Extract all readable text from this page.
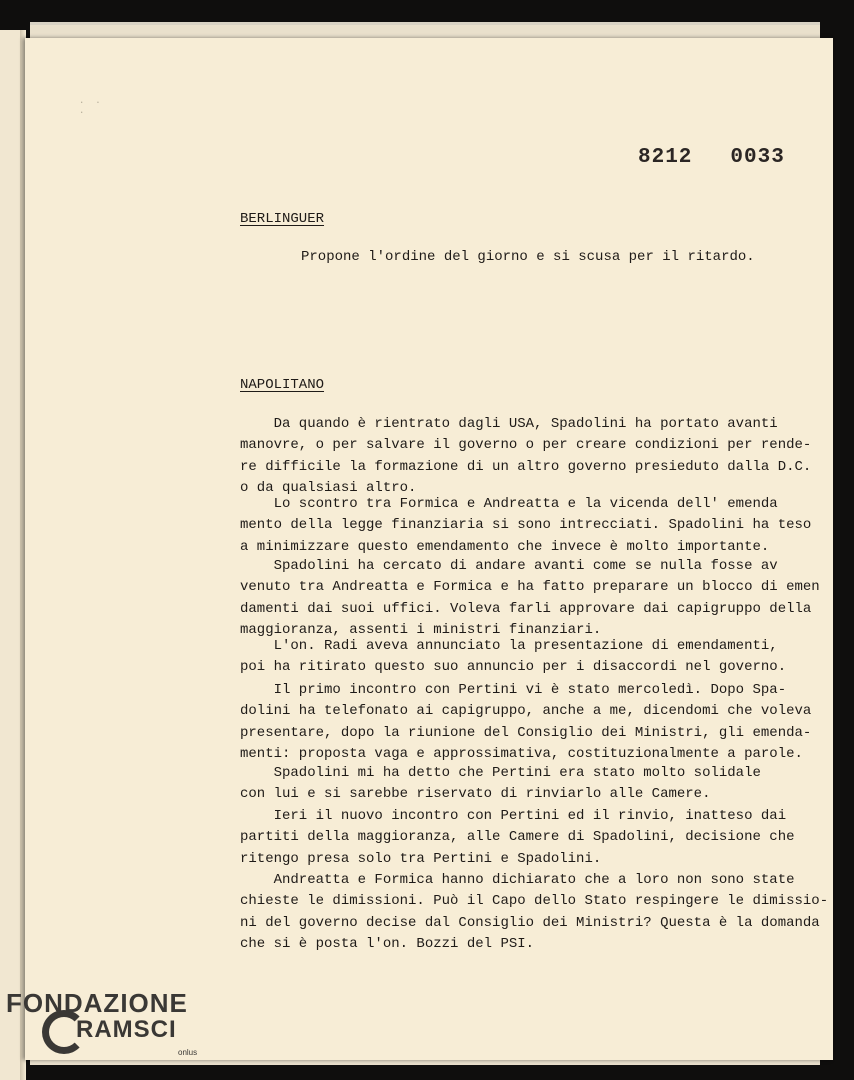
·  ·
·

8212 0033
BERLINGUER
Propone l'ordine del giorno e si scusa per il ritardo.
NAPOLITANO
Da quando è rientrato dagli USA, Spadolini ha portato avanti
manovre, o per salvare il governo o per creare condizioni per rende-
re difficile la formazione di un altro governo presieduto dalla D.C.
o da qualsiasi altro.
Lo scontro tra Formica e Andreatta e la vicenda dell' emenda
mento della legge finanziaria si sono intrecciati. Spadolini ha teso
a minimizzare questo emendamento che invece è molto importante.
Spadolini ha cercato di andare avanti come se nulla fosse av
venuto tra Andreatta e Formica e ha fatto preparare un blocco di emen
damenti dai suoi uffici. Voleva farli approvare dai capigruppo della
maggioranza, assenti i ministri finanziari.
L'on. Radi aveva annunciato la presentazione di emendamenti,
poi ha ritirato questo suo annuncio per i disaccordi nel governo.
Il primo incontro con Pertini vi è stato mercoledì. Dopo Spa-
dolini ha telefonato ai capigruppo, anche a me, dicendomi che voleva
presentare, dopo la riunione del Consiglio dei Ministri, gli emenda-
menti: proposta vaga e approssimativa, costituzionalmente a parole.
Spadolini mi ha detto che Pertini era stato molto solidale
con lui e si sarebbe riservato di rinviarlo alle Camere.
Ieri il nuovo incontro con Pertini ed il rinvio, inatteso dai
partiti della maggioranza, alle Camere di Spadolini, decisione che
ritengo presa solo tra Pertini e Spadolini.
Andreatta e Formica hanno dichiarato che a loro non sono state
chieste le dimissioni. Può il Capo dello Stato respingere le dimissio-
ni del governo decise dal Consiglio dei Ministri? Questa è la domanda
che si è posta l'on. Bozzi del PSI.
FONDAZIONE
RAMSCI
onlus
